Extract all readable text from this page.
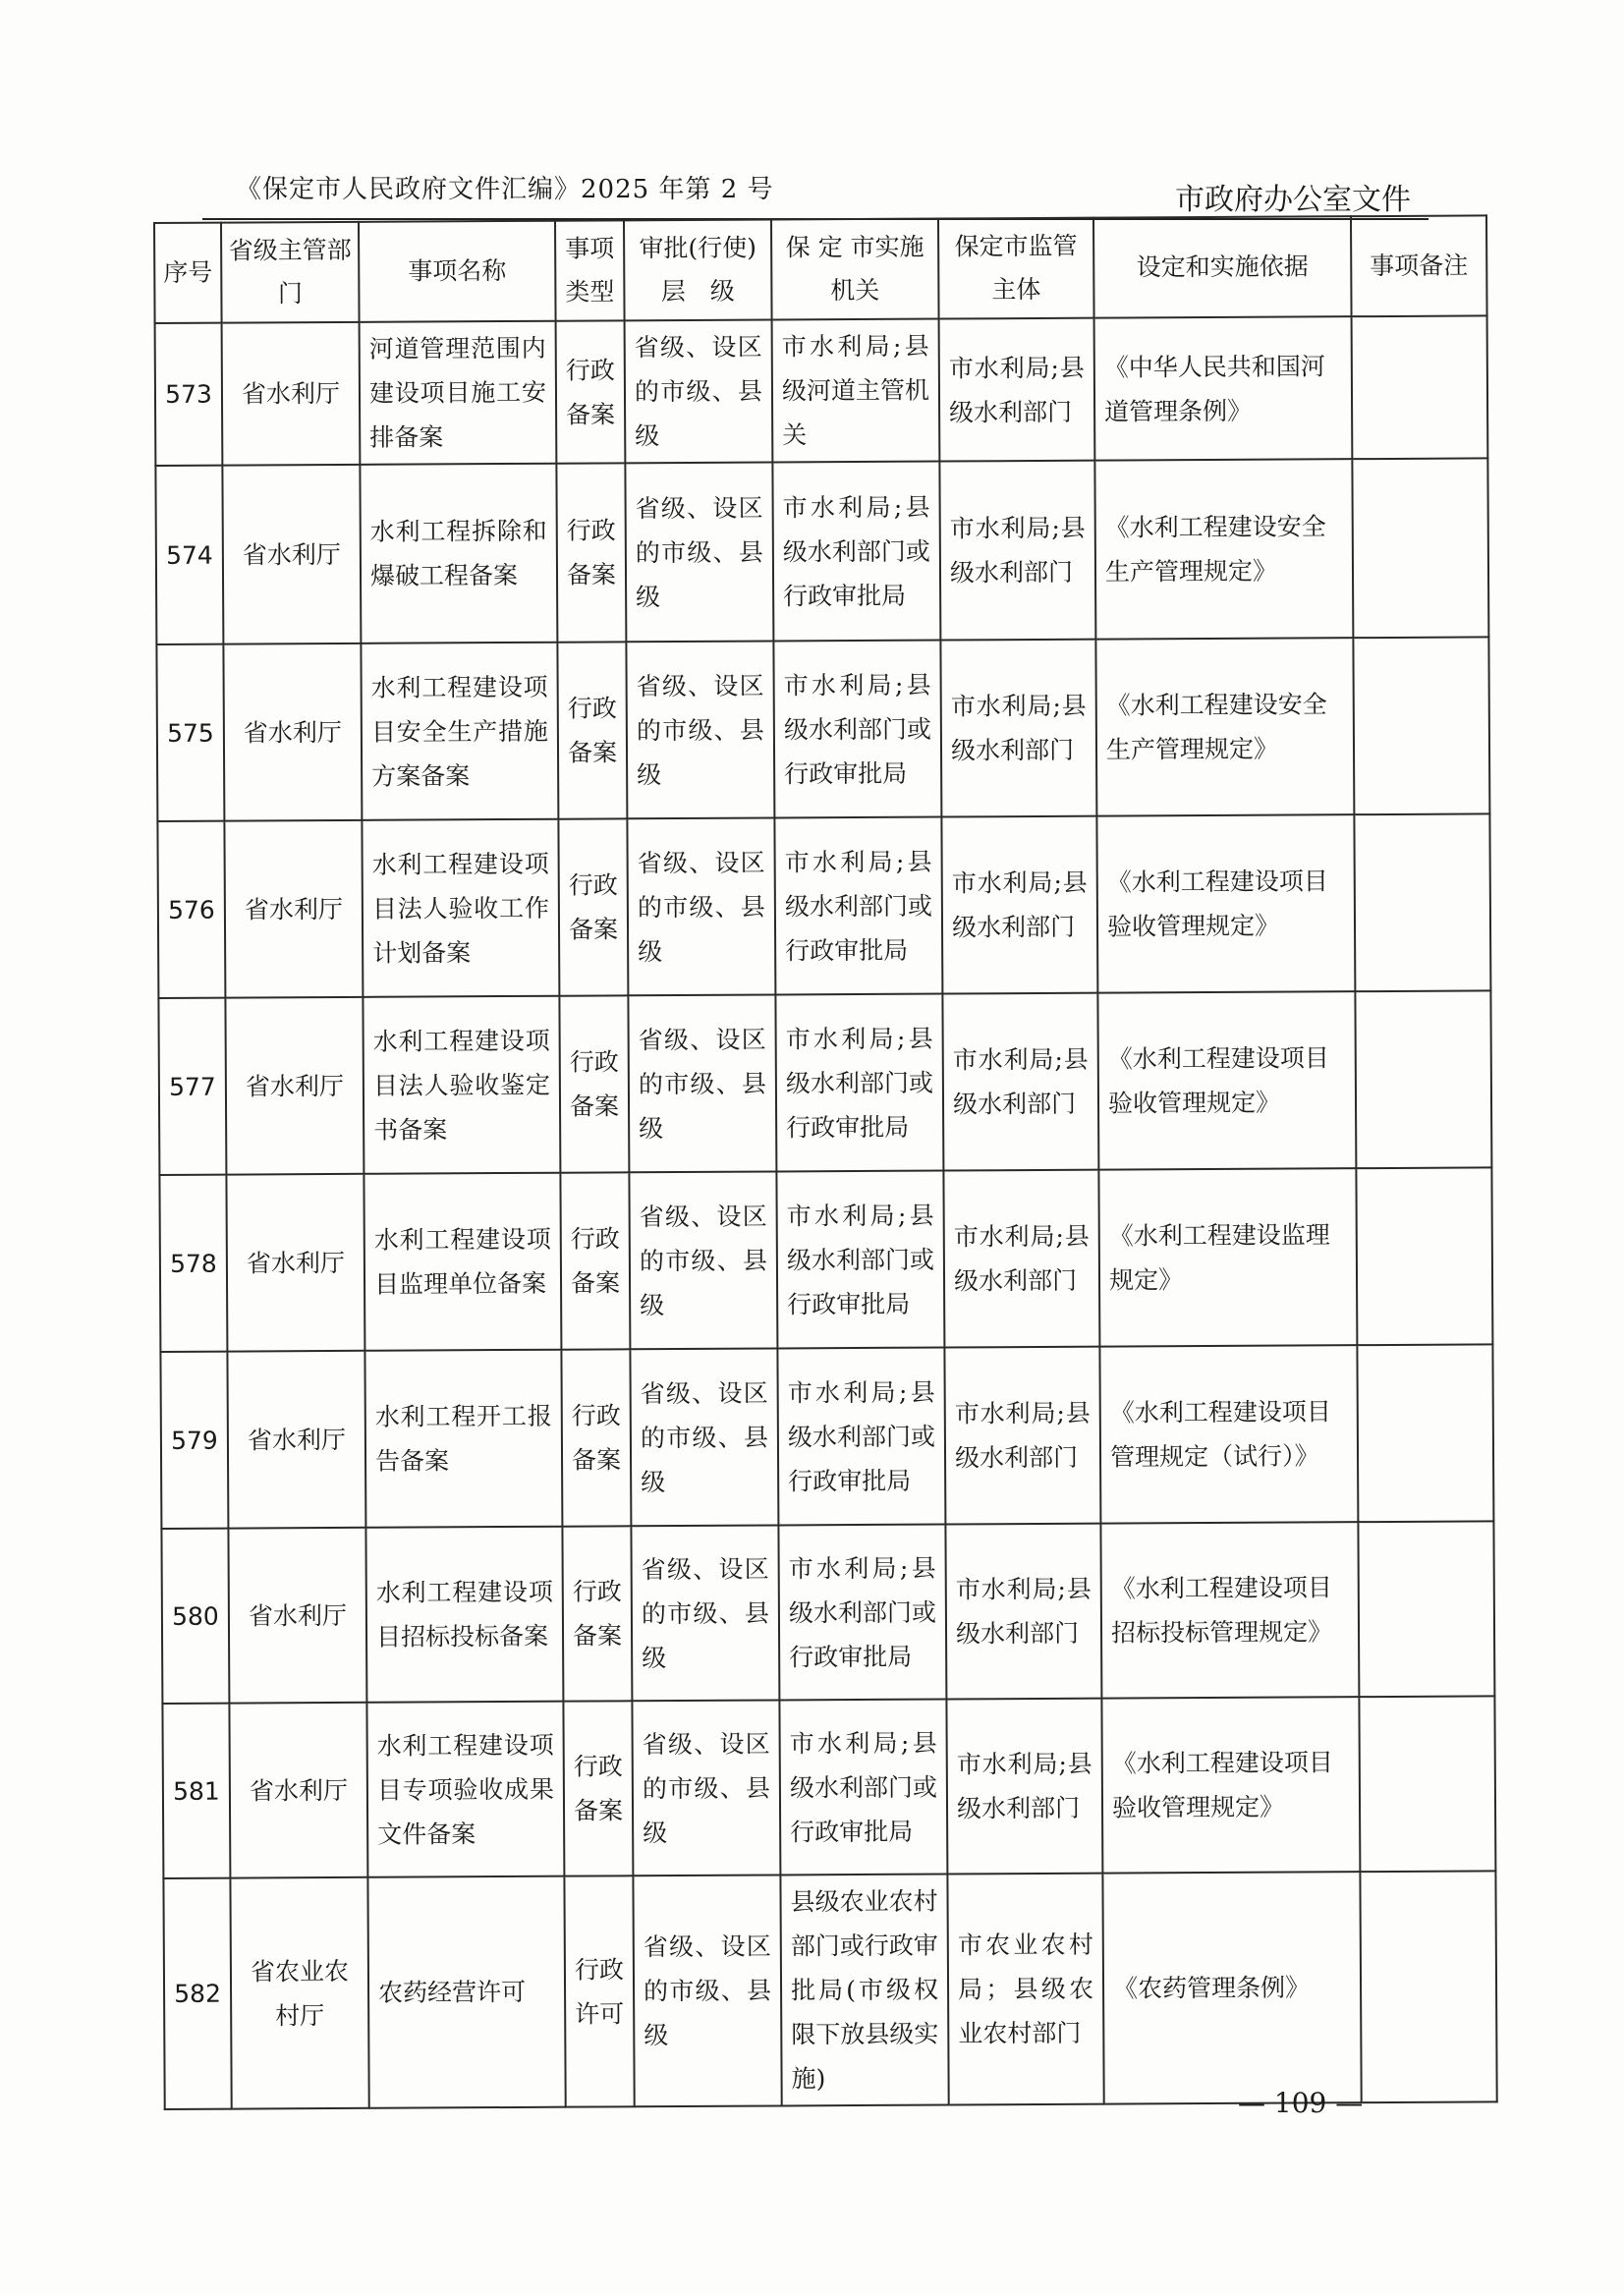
《保定市人民政府文件汇编》2025 年第 2 号	市政府办公室文件
序号	省级主管部　　门	事项名称	事项类型	审批(行使)层　级	保 定 市实施机关	保定市监管主体	设定和实施依据	事项备注
573	省水利厅	河道管理范围内建设项目施工安排备案	行政备案	省级、设区的市级、县级	市水利局;县级河道主管机关	市水利局;县级水利部门	《中华人民共和国河道管理条例》	
574	省水利厅	水利工程拆除和爆破工程备案	行政备案	省级、设区的市级、县级	市水利局;县级水利部门或行政审批局	市水利局;县级水利部门	《水利工程建设安全生产管理规定》	
575	省水利厅	水利工程建设项目安全生产措施方案备案	行政备案	省级、设区的市级、县级	市水利局;县级水利部门或行政审批局	市水利局;县级水利部门	《水利工程建设安全生产管理规定》	
576	省水利厅	水利工程建设项目法人验收工作计划备案	行政备案	省级、设区的市级、县级	市水利局;县级水利部门或行政审批局	市水利局;县级水利部门	《水利工程建设项目验收管理规定》	
577	省水利厅	水利工程建设项目法人验收鉴定书备案	行政备案	省级、设区的市级、县级	市水利局;县级水利部门或行政审批局	市水利局;县级水利部门	《水利工程建设项目验收管理规定》	
578	省水利厅	水利工程建设项目监理单位备案	行政备案	省级、设区的市级、县级	市水利局;县级水利部门或行政审批局	市水利局;县级水利部门	《水利工程建设监理规定》	
579	省水利厅	水利工程开工报告备案	行政备案	省级、设区的市级、县级	市水利局;县级水利部门或行政审批局	市水利局;县级水利部门	《水利工程建设项目管理规定（试行）》	
580	省水利厅	水利工程建设项目招标投标备案	行政备案	省级、设区的市级、县级	市水利局;县级水利部门或行政审批局	市水利局;县级水利部门	《水利工程建设项目招标投标管理规定》	
581	省水利厅	水利工程建设项目专项验收成果文件备案	行政备案	省级、设区的市级、县级	市水利局;县级水利部门或行政审批局	市水利局;县级水利部门	《水利工程建设项目验收管理规定》	
582	省农业农村厅	农药经营许可	行政许可	省级、设区的市级、县级	县级农业农村部门或行政审批局(市级权限下放县级实施)	市农业农村局；县级农业农村部门	《农药管理条例》	
— 109 —
